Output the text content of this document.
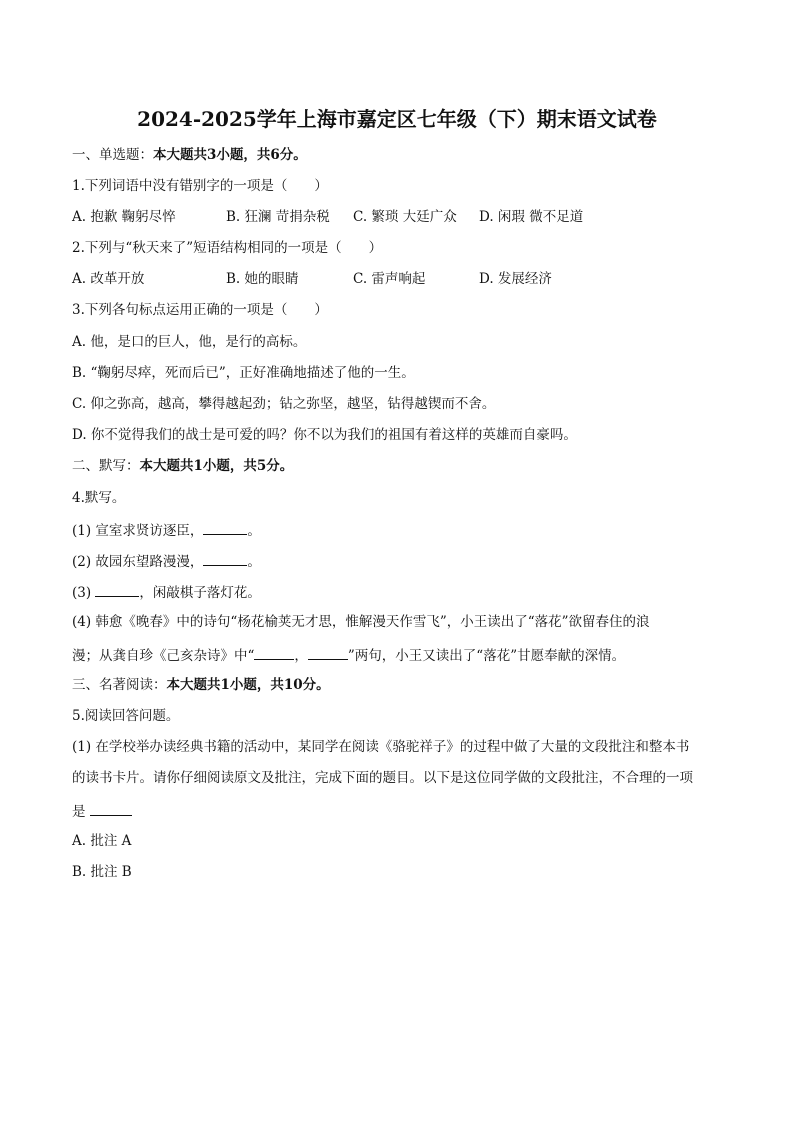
2024-2025学年上海市嘉定区七年级（下）期末语文试卷
一、单选题：本大题共3小题，共6分。
1.下列词语中没有错别字的一项是（　　）
A. 抱歉 鞠躬尽悴	B. 狂澜 苛捐杂税 C. 繁琐 大廷广众 D. 闲瑕 微不足道
2.下列与“秋天来了”短语结构相同的一项是（　　）
A. 改革开放	B. 她的眼睛	C. 雷声响起	D. 发展经济
3.下列各句标点运用正确的一项是（　　）
A. 他，是口的巨人，他，是行的高标。
B. “鞠躬尽瘁，死而后已”，正好准确地描述了他的一生。
C. 仰之弥高，越高，攀得越起劲；钻之弥坚，越坚，钻得越锲而不舍。
D. 你不觉得我们的战士是可爱的吗？你不以为我们的祖国有着这样的英雄而自豪吗。
二、默写：本大题共1小题，共5分。
4.默写。
(1) 宣室求贤访逐臣，	。
(2) 故园东望路漫漫，	。
(3)	，闲敲棋子落灯花。
(4) 韩愈《晚春》中的诗句“杨花榆荚无才思，惟解漫天作雪飞”，小王读出了“落花”欲留春住的浪
漫；从龚自珍《己亥杂诗》中“	，	”两句，小王又读出了“落花”甘愿奉献的深情。
三、名著阅读：本大题共1小题，共10分。
5.阅读回答问题。
(1) 在学校举办读经典书籍的活动中，某同学在阅读《骆驼祥子》的过程中做了大量的文段批注和整本书
的读书卡片。请你仔细阅读原文及批注，完成下面的题目。以下是这位同学做的文段批注，不合理的一项
是
A. 批注 A
B. 批注 B
